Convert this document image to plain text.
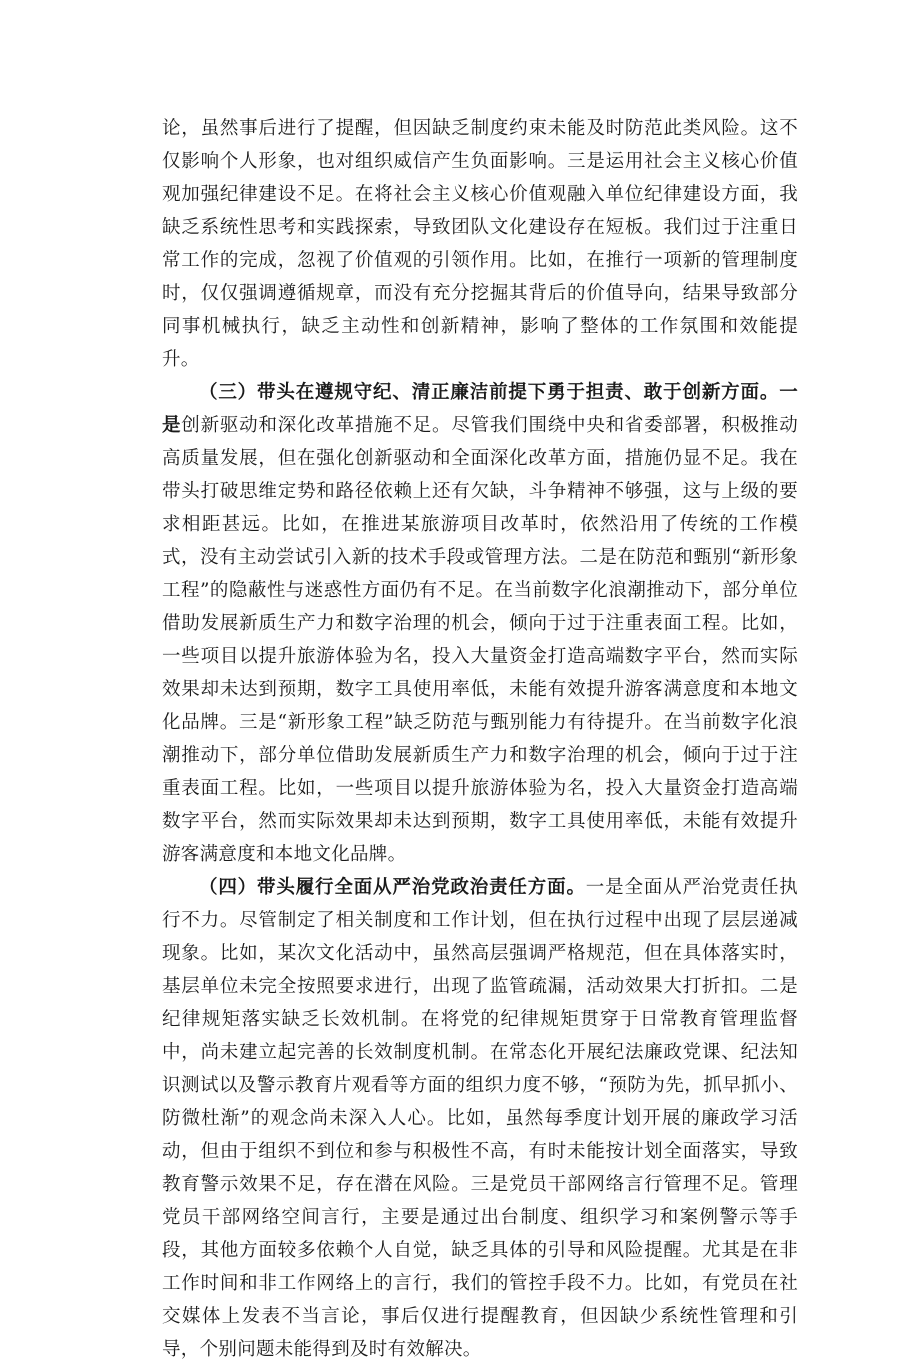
论，虽然事后进行了提醒，但因缺乏制度约束未能及时防范此类风险。这不仅影响个人形象，也对组织威信产生负面影响。三是运用社会主义核心价值观加强纪律建设不足。在将社会主义核心价值观融入单位纪律建设方面，我缺乏系统性思考和实践探索，导致团队文化建设存在短板。我们过于注重日常工作的完成，忽视了价值观的引领作用。比如，在推行一项新的管理制度时，仅仅强调遵循规章，而没有充分挖掘其背后的价值导向，结果导致部分同事机械执行，缺乏主动性和创新精神，影响了整体的工作氛围和效能提升。

（三）带头在遵规守纪、清正廉洁前提下勇于担责、敢于创新方面。一是创新驱动和深化改革措施不足。尽管我们围绕中央和省委部署，积极推动高质量发展，但在强化创新驱动和全面深化改革方面，措施仍显不足。我在带头打破思维定势和路径依赖上还有欠缺，斗争精神不够强，这与上级的要求相距甚远。比如，在推进某旅游项目改革时，依然沿用了传统的工作模式，没有主动尝试引入新的技术手段或管理方法。二是在防范和甄别“新形象工程”的隐蔽性与迷惑性方面仍有不足。在当前数字化浪潮推动下，部分单位借助发展新质生产力和数字治理的机会，倾向于过于注重表面工程。比如，一些项目以提升旅游体验为名，投入大量资金打造高端数字平台，然而实际效果却未达到预期，数字工具使用率低，未能有效提升游客满意度和本地文化品牌。三是“新形象工程”缺乏防范与甄别能力有待提升。在当前数字化浪潮推动下，部分单位借助发展新质生产力和数字治理的机会，倾向于过于注重表面工程。比如，一些项目以提升旅游体验为名，投入大量资金打造高端数字平台，然而实际效果却未达到预期，数字工具使用率低，未能有效提升游客满意度和本地文化品牌。

（四）带头履行全面从严治党政治责任方面。一是全面从严治党责任执行不力。尽管制定了相关制度和工作计划，但在执行过程中出现了层层递减现象。比如，某次文化活动中，虽然高层强调严格规范，但在具体落实时，基层单位未完全按照要求进行，出现了监管疏漏，活动效果大打折扣。二是纪律规矩落实缺乏长效机制。在将党的纪律规矩贯穿于日常教育管理监督中，尚未建立起完善的长效制度机制。在常态化开展纪法廉政党课、纪法知识测试以及警示教育片观看等方面的组织力度不够，“预防为先，抓早抓小、防微杜渐”的观念尚未深入人心。比如，虽然每季度计划开展的廉政学习活动，但由于组织不到位和参与积极性不高，有时未能按计划全面落实，导致教育警示效果不足，存在潜在风险。三是党员干部网络言行管理不足。管理党员干部网络空间言行，主要是通过出台制度、组织学习和案例警示等手段，其他方面较多依赖个人自觉，缺乏具体的引导和风险提醒。尤其是在非工作时间和非工作网络上的言行，我们的管控手段不力。比如，有党员在社交媒体上发表不当言论，事后仅进行提醒教育，但因缺少系统性管理和引导，个别问题未能得到及时有效解决。
